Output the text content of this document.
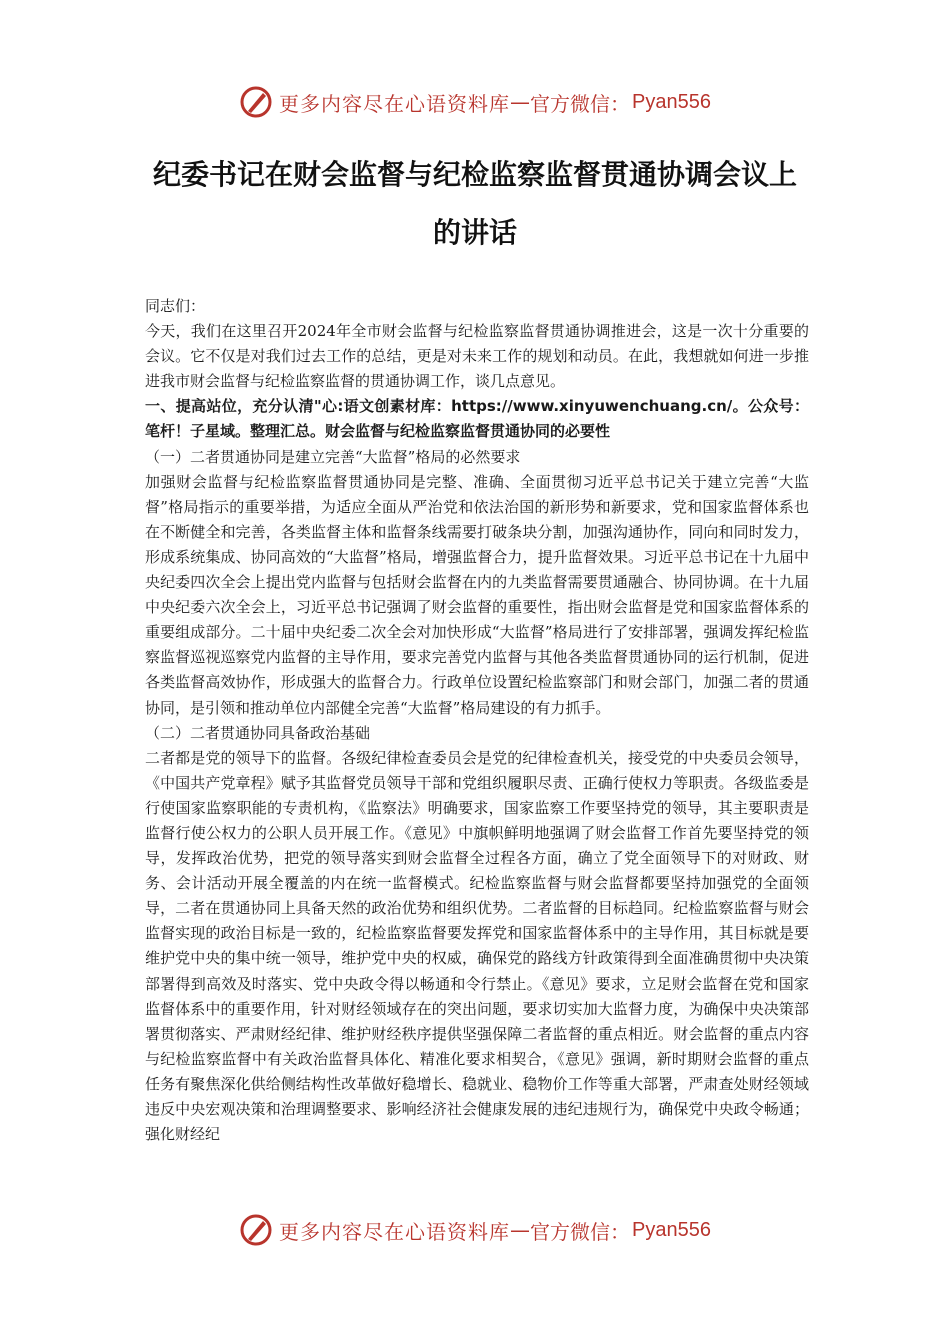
更多内容尽在心语资料库 — 官方微信： Pyan556
纪委书记在财会监督与纪检监察监督贯通协调会议上的讲话

同志们：

今天，我们在这里召开2024年全市财会监督与纪检监察监督贯通协调推进会，这是一次十分重要的会议。它不仅是对我们过去工作的总结，更是对未来工作的规划和动员。在此，我想就如何进一步推进我市财会监督与纪检监察监督的贯通协调工作，谈几点意见。

一、提高站位，充分认清"心:语文创素材库：https://www.xinyuwenchuang.cn/。公众号：笔杆！子星域。整理汇总。财会监督与纪检监察监督贯通协同的必要性

（一）二者贯通协同是建立完善“大监督”格局的必然要求

加强财会监督与纪检监察监督贯通协同是完整、准确、全面贯彻习近平总书记关于建立完善“大监督”格局指示的重要举措，为适应全面从严治党和依法治国的新形势和新要求，党和国家监督体系也在不断健全和完善，各类监督主体和监督条线需要打破条块分割，加强沟通协作，同向和同时发力，形成系统集成、协同高效的“大监督”格局，增强监督合力，提升监督效果。习近平总书记在十九届中央纪委四次全会上提出党内监督与包括财会监督在内的九类监督需要贯通融合、协同协调。在十九届中央纪委六次全会上，习近平总书记强调了财会监督的重要性，指出财会监督是党和国家监督体系的重要组成部分。二十届中央纪委二次全会对加快形成“大监督”格局进行了安排部署，强调发挥纪检监察监督巡视巡察党内监督的主导作用，要求完善党内监督与其他各类监督贯通协同的运行机制，促进各类监督高效协作，形成强大的监督合力。行政单位设置纪检监察部门和财会部门，加强二者的贯通协同，是引领和推动单位内部健全完善“大监督”格局建设的有力抓手。

（二）二者贯通协同具备政治基础

二者都是党的领导下的监督。各级纪律检查委员会是党的纪律检查机关，接受党的中央委员会领导，《中国共产党章程》赋予其监督党员领导干部和党组织履职尽责、正确行使权力等职责。各级监委是行使国家监察职能的专责机构，《监察法》明确要求，国家监察工作要坚持党的领导，其主要职责是监督行使公权力的公职人员开展工作。《意见》中旗帜鲜明地强调了财会监督工作首先要坚持党的领导，发挥政治优势，把党的领导落实到财会监督全过程各方面，确立了党全面领导下的对财政、财务、会计活动开展全覆盖的内在统一监督模式。纪检监察监督与财会监督都要坚持加强党的全面领导，二者在贯通协同上具备天然的政治优势和组织优势。二者监督的目标趋同。纪检监察监督与财会监督实现的政治目标是一致的，纪检监察监督要发挥党和国家监督体系中的主导作用，其目标就是要维护党中央的集中统一领导，维护党中央的权威，确保党的路线方针政策得到全面准确贯彻中央决策部署得到高效及时落实、党中央政令得以畅通和令行禁止。《意见》要求，立足财会监督在党和国家监督体系中的重要作用，针对财经领域存在的突出问题，要求切实加大监督力度，为确保中央决策部署贯彻落实、严肃财经纪律、维护财经秩序提供坚强保障二者监督的重点相近。财会监督的重点内容与纪检监察监督中有关政治监督具体化、精准化要求相契合，《意见》强调，新时期财会监督的重点任务有聚焦深化供给侧结构性改革做好稳增长、稳就业、稳物价工作等重大部署，严肃查处财经领域违反中央宏观决策和治理调整要求、影响经济社会健康发展的违纪违规行为，确保党中央政令畅通；强化财经纪

更多内容尽在心语资料库 — 官方微信： Pyan556
